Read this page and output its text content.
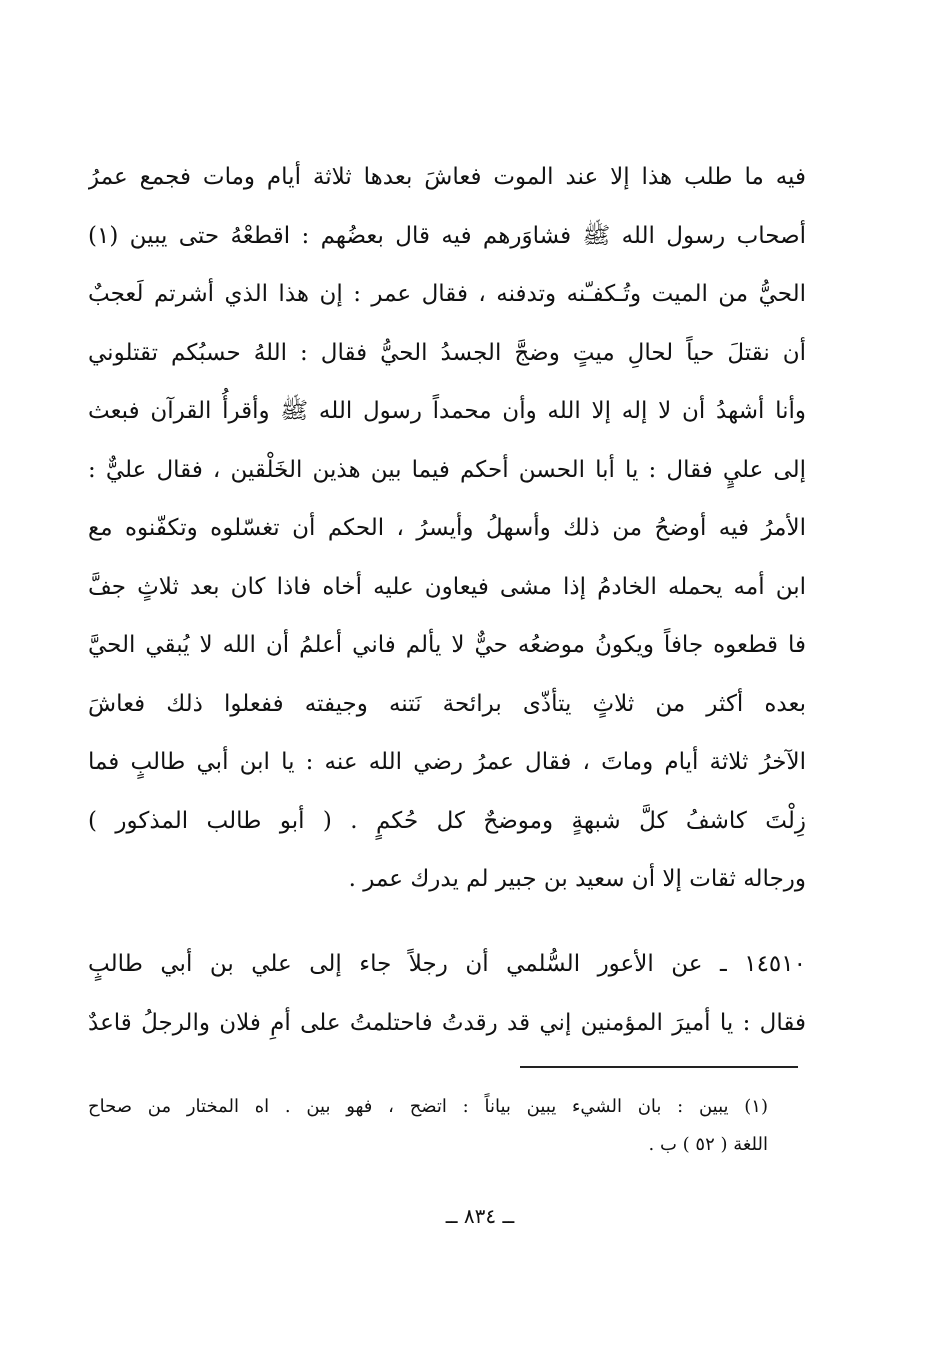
فيه ما طلب هذا إلا عند الموت فعاشَ بعدها ثلاثة أيام ومات فجمع عمرُ
أصحاب رسول الله ﷺ فشاوَرهم فيه قال بعضُهم : اقطعْهُ حتى يبين (١)
الحيُّ من الميت وتُـكفـّنه وتدفنه ، فقال عمر : إن هذا الذي أشرتم لَعجبٌ
أن نقتلَ حياً لحالِ ميتٍ وضجَّ الجسدُ الحيُّ فقال : اللهُ حسبُكم تقتلوني
وأنا أشهدُ أن لا إله إلا الله وأن محمداً رسول الله ﷺ وأقرأُ القرآن فبعث
إلى عليٍ فقال : يا أبا الحسن أحكم فيما بين هذين الخَلْقين ، فقال عليٌّ :
الأمرُ فيه أوضحُ من ذلك وأسهلُ وأيسرُ ، الحكم أن تغسّلوه وتكفّنوه مع
ابن أمه يحمله الخادمُ إذا مشى فيعاون عليه أخاه فاذا كان بعد ثلاثٍ جفَّ
فا قطعوه جافاً ويكونُ موضعُه حيٌّ لا يألم فاني أعلمُ أن الله لا يُبقي الحيَّ
بعده أكثر من ثلاثٍ يتأذّى برائحة نَتنه وجيفته ففعلوا ذلك فعاشَ
الآخرُ ثلاثة أيام وماتَ ، فقال عمرُ رضي الله عنه : يا ابن أبي طالبٍ فما
زِلْتَ كاشفُ كلَّ شبهةٍ وموضحٌ كل حُكمٍ . ( أبو طالب المذكور )
ورجاله ثقات إلا أن سعيد بن جبير لم يدرك عمر .
١٤٥١٠ ـ عن الأعور السُّلمي أن رجلاً جاء إلى علي بن أبي طالبٍ
فقال : يا أميرَ المؤمنين إني قد رقدتُ فاحتلمتُ على أمِ فلان والرجلُ قاعدٌ
(١) يبين : بان الشيء يبين بياناً : اتضح ، فهو بين . اه المختار من صحاح
اللغة ( ٥٢ ) ب .
ــ ٨٣٤ ــ
